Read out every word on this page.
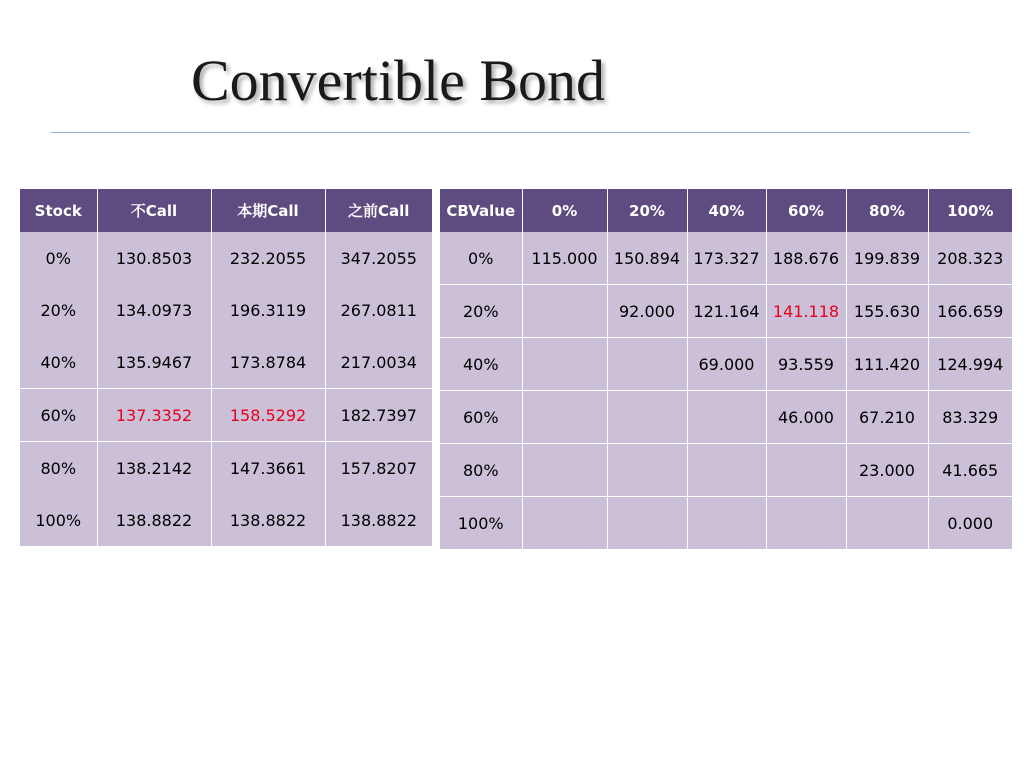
Convertible Bond
Stock	不Call	本期Call	之前Call
0%	130.8503	232.2055	347.2055
20%	134.0973	196.3119	267.0811
40%	135.9467	173.8784	217.0034
60%	137.3352	158.5292	182.7397
80%	138.2142	147.3661	157.8207
100%	138.8822	138.8822	138.8822
CBValue	0%	20%	40%	60%	80%	100%
0%	115.000	150.894	173.327	188.676	199.839	208.323
20%		92.000	121.164	141.118	155.630	166.659
40%			69.000	93.559	111.420	124.994
60%				46.000	67.210	83.329
80%					23.000	41.665
100%						0.000
